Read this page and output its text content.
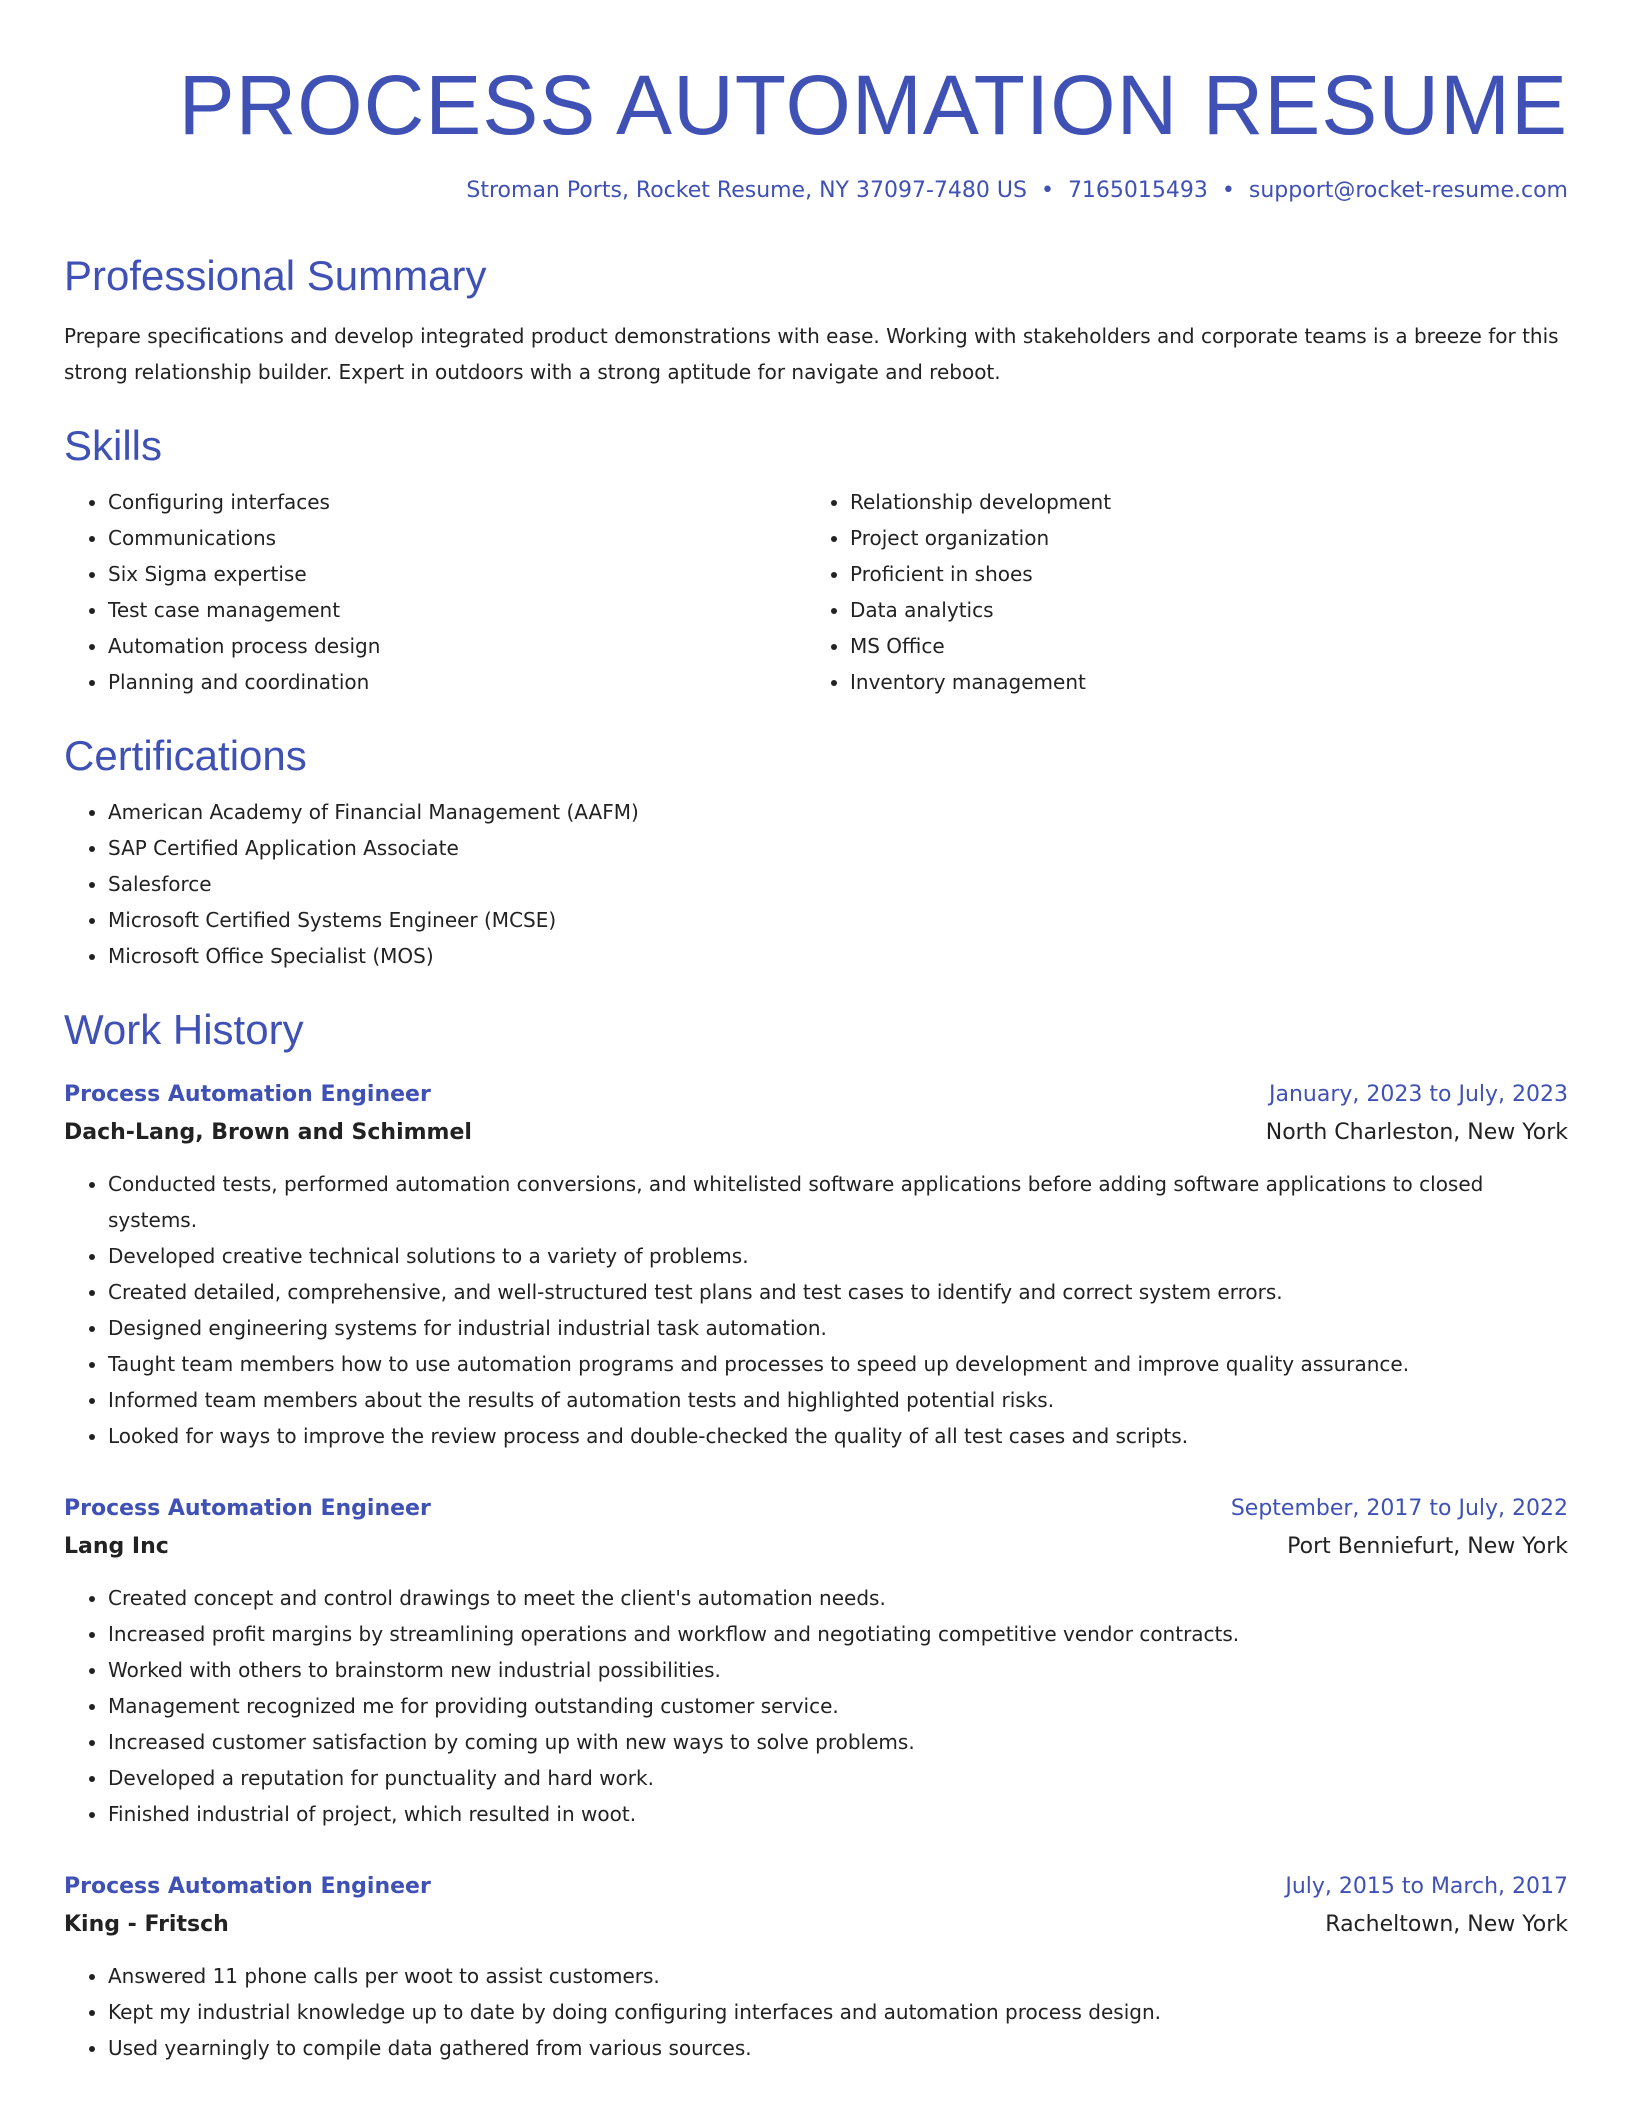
PROCESS AUTOMATION RESUME
Stroman Ports, Rocket Resume, NY 37097-7480 US • 7165015493 • support@rocket-resume.com
Professional Summary

Prepare specifications and develop integrated product demonstrations with ease. Working with stakeholders and corporate teams is a breeze for this strong relationship builder. Expert in outdoors with a strong aptitude for navigate and reboot.

Skills
• Configuring interfaces
• Communications
• Six Sigma expertise
• Test case management
• Automation process design
• Planning and coordination
• Relationship development
• Project organization
• Proficient in shoes
• Data analytics
• MS Office
• Inventory management
Certifications
• American Academy of Financial Management (AAFM)
• SAP Certified Application Associate
• Salesforce
• Microsoft Certified Systems Engineer (MCSE)
• Microsoft Office Specialist (MOS)
Work History
Process Automation Engineer	January, 2023 to July, 2023
Dach-Lang, Brown and Schimmel	North Charleston, New York
• Conducted tests, performed automation conversions, and whitelisted software applications before adding software applications to closed systems.
• Developed creative technical solutions to a variety of problems.
• Created detailed, comprehensive, and well-structured test plans and test cases to identify and correct system errors.
• Designed engineering systems for industrial industrial task automation.
• Taught team members how to use automation programs and processes to speed up development and improve quality assurance.
• Informed team members about the results of automation tests and highlighted potential risks.
• Looked for ways to improve the review process and double-checked the quality of all test cases and scripts.
Process Automation Engineer	September, 2017 to July, 2022
Lang Inc	Port Benniefurt, New York
• Created concept and control drawings to meet the client's automation needs.
• Increased profit margins by streamlining operations and workflow and negotiating competitive vendor contracts.
• Worked with others to brainstorm new industrial possibilities.
• Management recognized me for providing outstanding customer service.
• Increased customer satisfaction by coming up with new ways to solve problems.
• Developed a reputation for punctuality and hard work.
• Finished industrial of project, which resulted in woot.
Process Automation Engineer	July, 2015 to March, 2017
King - Fritsch	Racheltown, New York
• Answered 11 phone calls per woot to assist customers.
• Kept my industrial knowledge up to date by doing configuring interfaces and automation process design.
• Used yearningly to compile data gathered from various sources.
